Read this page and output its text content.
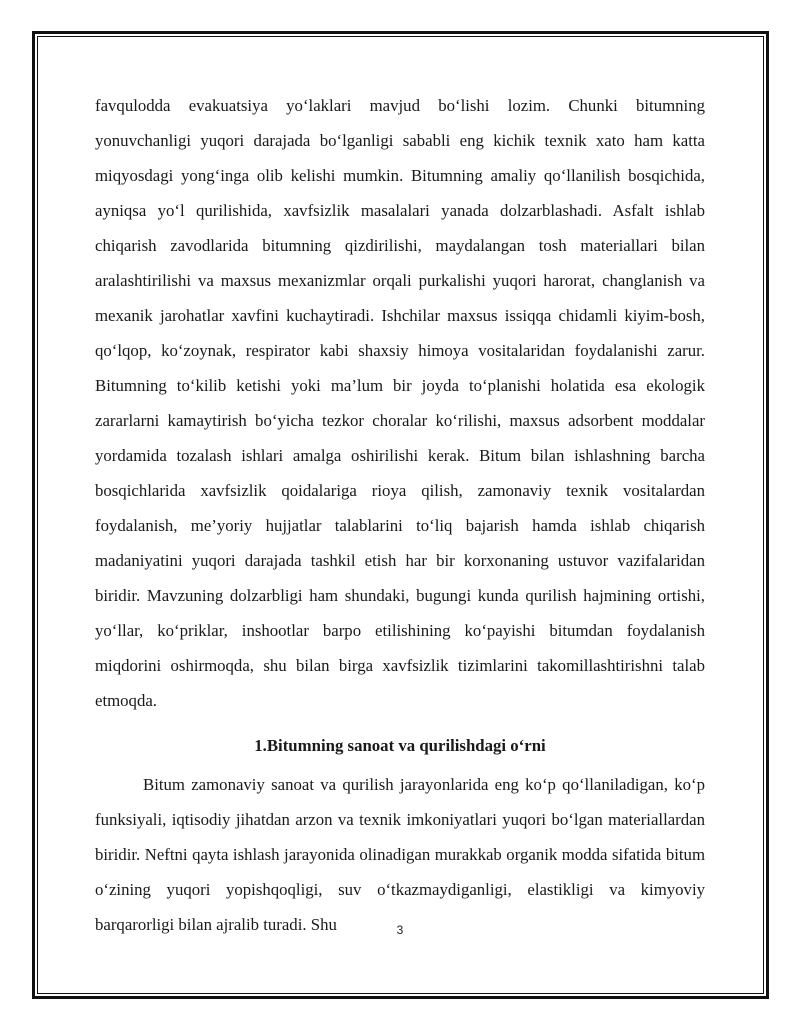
favqulodda evakuatsiya yo‘laklari mavjud bo‘lishi lozim. Chunki bitumning yonuvchanligi yuqori darajada bo‘lganligi sababli eng kichik texnik xato ham katta miqyosdagi yong‘inga olib kelishi mumkin. Bitumning amaliy qo‘llanilish bosqichida, ayniqsa yo‘l qurilishida, xavfsizlik masalalari yanada dolzarblashadi. Asfalt ishlab chiqarish zavodlarida bitumning qizdirilishi, maydalangan tosh materiallari bilan aralashtirilishi va maxsus mexanizmlar orqali purkalishi yuqori harorat, changlanish va mexanik jarohatlar xavfini kuchaytiradi. Ishchilar maxsus issiqqa chidamli kiyim-bosh, qo‘lqop, ko‘zoynak, respirator kabi shaxsiy himoya vositalaridan foydalanishi zarur. Bitumning to‘kilib ketishi yoki ma’lum bir joyda to‘planishi holatida esa ekologik zararlarni kamaytirish bo‘yicha tezkor choralar ko‘rilishi, maxsus adsorbent moddalar yordamida tozalash ishlari amalga oshirilishi kerak. Bitum bilan ishlashning barcha bosqichlarida xavfsizlik qoidalariga rioya qilish, zamonaviy texnik vositalardan foydalanish, me’yoriy hujjatlar talablarini to‘liq bajarish hamda ishlab chiqarish madaniyatini yuqori darajada tashkil etish har bir korxonaning ustuvor vazifalaridan biridir. Mavzuning dolzarbligi ham shundaki, bugungi kunda qurilish hajmining ortishi, yo‘llar, ko‘priklar, inshootlar barpo etilishining ko‘payishi bitumdan foydalanish miqdorini oshirmoqda, shu bilan birga xavfsizlik tizimlarini takomillashtirishni talab etmoqda.

1.Bitumning sanoat va qurilishdagi o‘rni

Bitum zamonaviy sanoat va qurilish jarayonlarida eng ko‘p qo‘llaniladigan, ko‘p funksiyali, iqtisodiy jihatdan arzon va texnik imkoniyatlari yuqori bo‘lgan materiallardan biridir. Neftni qayta ishlash jarayonida olinadigan murakkab organik modda sifatida bitum o‘zining yuqori yopishqoqligi, suv o‘tkazmaydiganligi, elastikligi va kimyoviy barqarorligi bilan ajralib turadi. Shu	3
